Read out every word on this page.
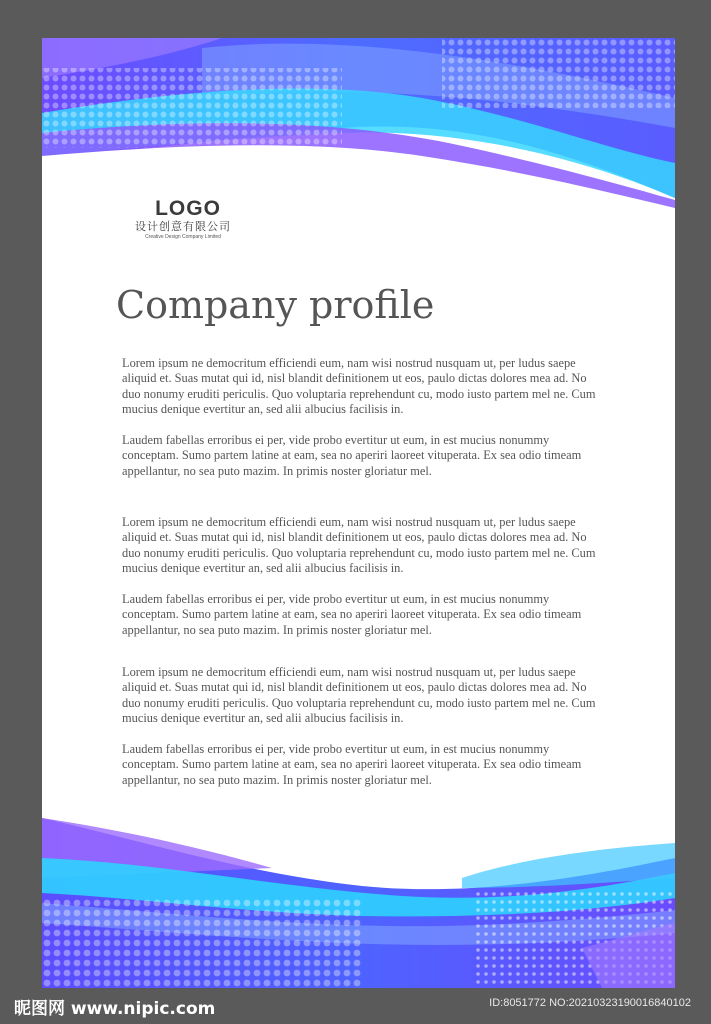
LOGO
设计创意有限公司
Creative Design Company Limited
Company profile

Lorem ipsum ne democritum efficiendi eum, nam wisi nostrud nusquam ut, per ludus saepe aliquid et. Suas mutat qui id, nisl blandit definitionem ut eos, paulo dictas dolores mea ad. No duo nonumy eruditi periculis. Quo voluptaria reprehendunt cu, modo iusto partem mel ne. Cum mucius denique evertitur an, sed alii albucius facilisis in.

Laudem fabellas erroribus ei per, vide probo evertitur ut eum, in est mucius nonummy conceptam. Sumo partem latine at eam, sea no aperiri laoreet vituperata. Ex sea odio timeam appellantur, no sea puto mazim. In primis noster gloriatur mel.

Lorem ipsum ne democritum efficiendi eum, nam wisi nostrud nusquam ut, per ludus saepe aliquid et. Suas mutat qui id, nisl blandit definitionem ut eos, paulo dictas dolores mea ad. No duo nonumy eruditi periculis. Quo voluptaria reprehendunt cu, modo iusto partem mel ne. Cum mucius denique evertitur an, sed alii albucius facilisis in.

Laudem fabellas erroribus ei per, vide probo evertitur ut eum, in est mucius nonummy conceptam. Sumo partem latine at eam, sea no aperiri laoreet vituperata. Ex sea odio timeam appellantur, no sea puto mazim. In primis noster gloriatur mel.

Lorem ipsum ne democritum efficiendi eum, nam wisi nostrud nusquam ut, per ludus saepe aliquid et. Suas mutat qui id, nisl blandit definitionem ut eos, paulo dictas dolores mea ad. No duo nonumy eruditi periculis. Quo voluptaria reprehendunt cu, modo iusto partem mel ne. Cum mucius denique evertitur an, sed alii albucius facilisis in.

Laudem fabellas erroribus ei per, vide probo evertitur ut eum, in est mucius nonummy conceptam. Sumo partem latine at eam, sea no aperiri laoreet vituperata. Ex sea odio timeam appellantur, no sea puto mazim. In primis noster gloriatur mel.

昵图网 www.nipic.com	ID:8051772 NO:20210323190016840102
